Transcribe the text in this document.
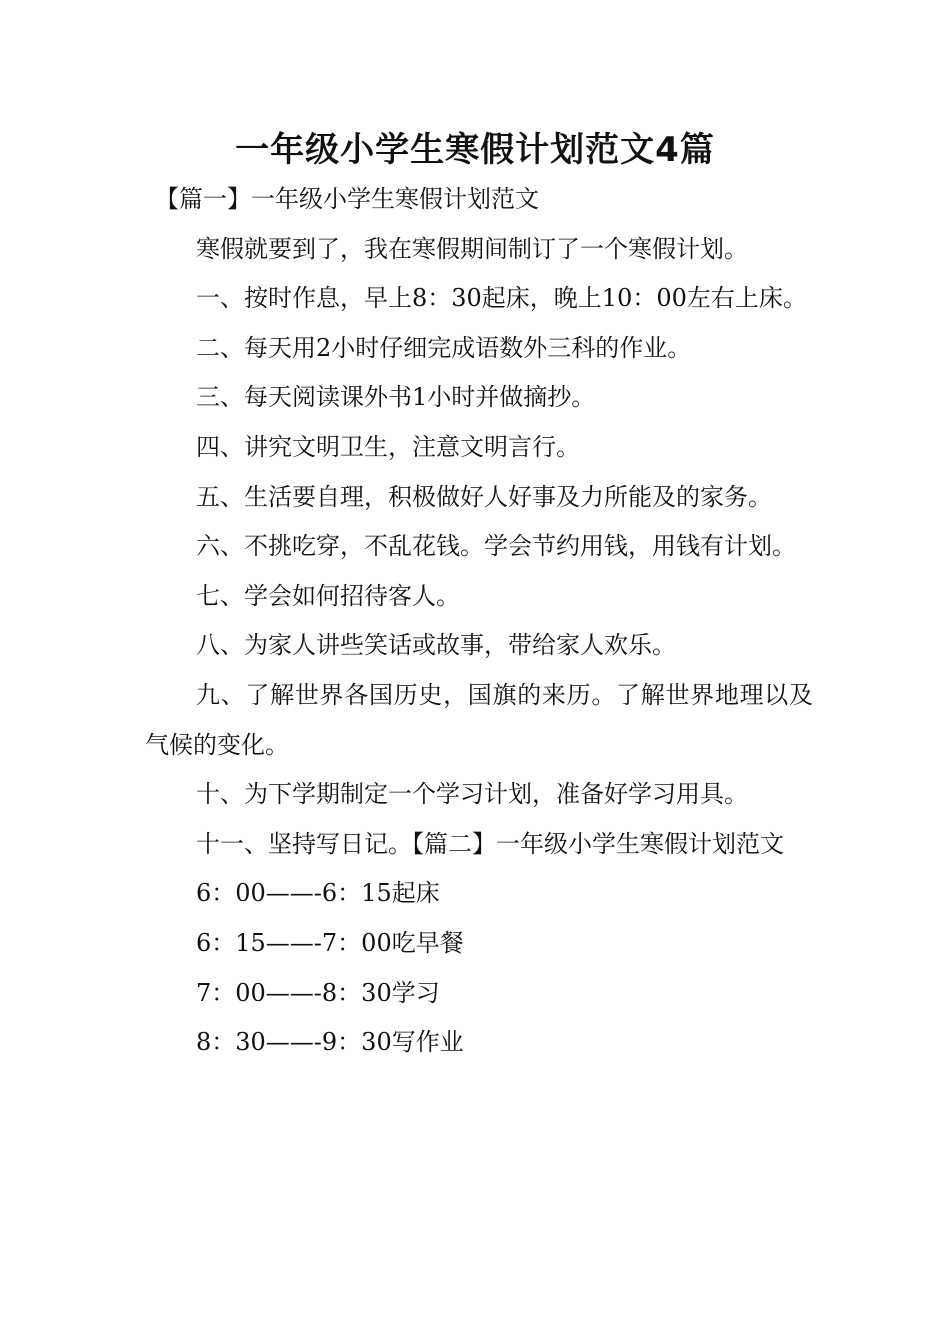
一年级小学生寒假计划范文4篇

【篇一】一年级小学生寒假计划范文

寒假就要到了，我在寒假期间制订了一个寒假计划。

一、按时作息，早上8：30起床，晚上10：00左右上床。

二、每天用2小时仔细完成语数外三科的作业。

三、每天阅读课外书1小时并做摘抄。

四、讲究文明卫生，注意文明言行。

五、生活要自理，积极做好人好事及力所能及的家务。

六、不挑吃穿，不乱花钱。学会节约用钱，用钱有计划。

七、学会如何招待客人。

八、为家人讲些笑话或故事，带给家人欢乐。

九、了解世界各国历史，国旗的来历。了解世界地理以及气候的变化。

十、为下学期制定一个学习计划，准备好学习用具。

十一、坚持写日记。【篇二】一年级小学生寒假计划范文

6：00——-6：15起床

6：15——-7：00吃早餐

7：00——-8：30学习

8：30——-9：30写作业
